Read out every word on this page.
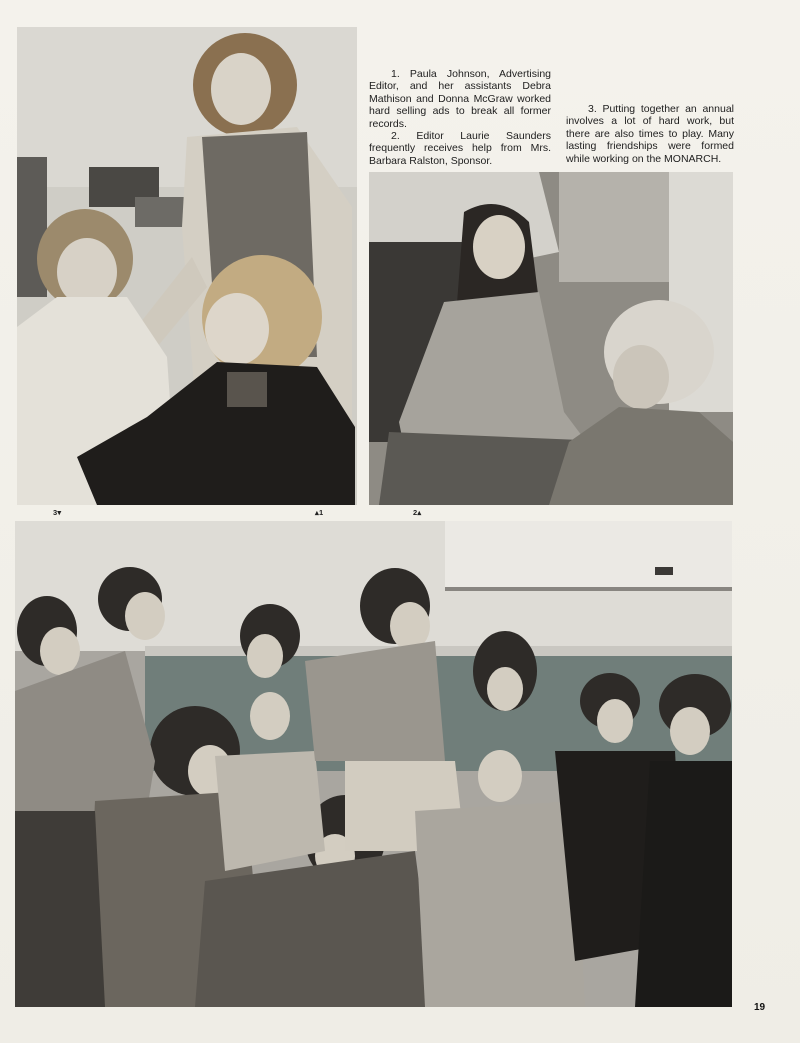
1. Paula Johnson, Advertising Editor, and her assistants Debra Mathison and Donna McGraw worked hard selling ads to break all former records.

2. Editor Laurie Saunders frequently receives help from Mrs. Barbara Ralston, Sponsor.

3. Putting together an annual involves a lot of hard work, but there are also times to play. Many lasting friendships were formed while working on the MONARCH.

3▾	▴1	2▴
19
